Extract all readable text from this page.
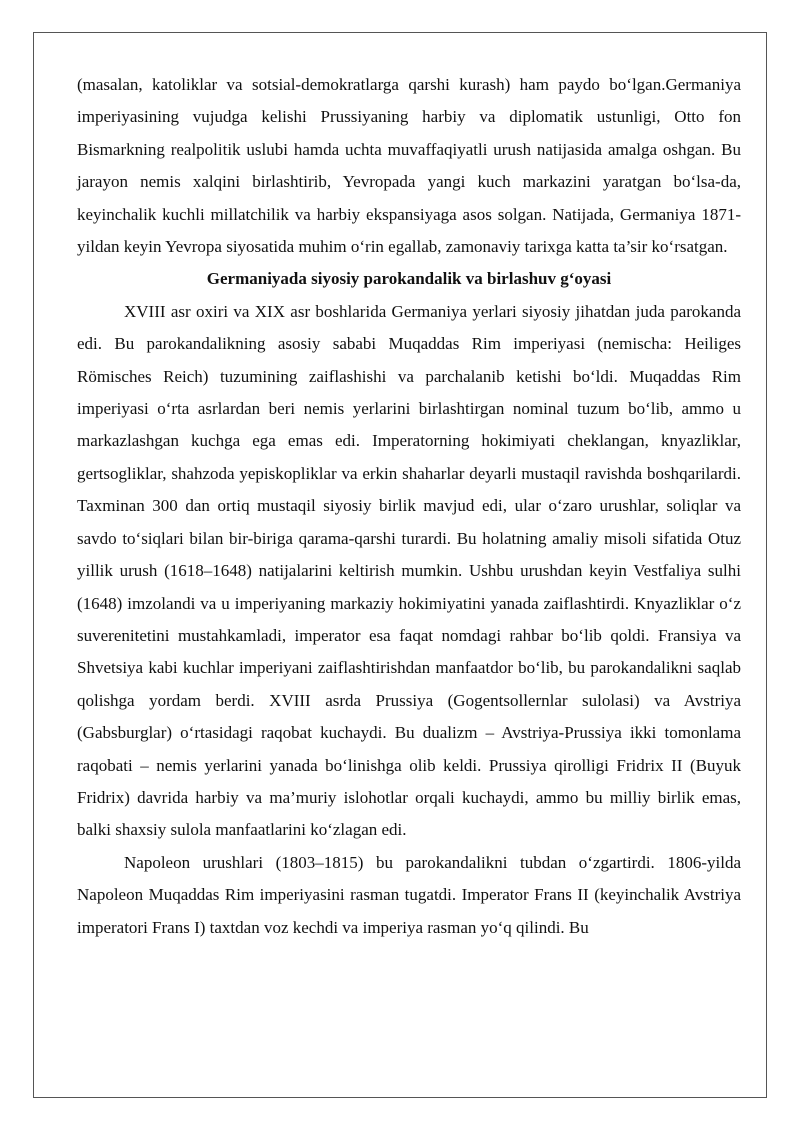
(masalan, katoliklar va sotsial-demokratlarga qarshi kurash) ham paydo bo‘lgan.Germaniya imperiyasining vujudga kelishi Prussiyaning harbiy va diplomatik ustunligi, Otto fon Bismarkning realpolitik uslubi hamda uchta muvaffaqiyatli urush natijasida amalga oshgan. Bu jarayon nemis xalqini birlashtirib, Yevropada yangi kuch markazini yaratgan bo‘lsa-da, keyinchalik kuchli millatchilik va harbiy ekspansiyaga asos solgan. Natijada, Germaniya 1871-yildan keyin Yevropa siyosatida muhim o‘rin egallab, zamonaviy tarixga katta ta’sir ko‘rsatgan.

Germaniyada siyosiy parokandalik va birlashuv g‘oyasi

XVIII asr oxiri va XIX asr boshlarida Germaniya yerlari siyosiy jihatdan juda parokanda edi. Bu parokandalikning asosiy sababi Muqaddas Rim imperiyasi (nemischa: Heiliges Römisches Reich) tuzumining zaiflashishi va parchalanib ketishi bo‘ldi. Muqaddas Rim imperiyasi o‘rta asrlardan beri nemis yerlarini birlashtirgan nominal tuzum bo‘lib, ammo u markazlashgan kuchga ega emas edi. Imperatorning hokimiyati cheklangan, knyazliklar, gertsogliklar, shahzoda yepiskopliklar va erkin shaharlar deyarli mustaqil ravishda boshqarilardi. Taxminan 300 dan ortiq mustaqil siyosiy birlik mavjud edi, ular o‘zaro urushlar, soliqlar va savdo to‘siqlari bilan bir-biriga qarama-qarshi turardi. Bu holatning amaliy misoli sifatida Otuz yillik urush (1618–1648) natijalarini keltirish mumkin. Ushbu urushdan keyin Vestfaliya sulhi (1648) imzolandi va u imperiyaning markaziy hokimiyatini yanada zaiflashtirdi. Knyazliklar o‘z suverenitetini mustahkamladi, imperator esa faqat nomdagi rahbar bo‘lib qoldi. Fransiya va Shvetsiya kabi kuchlar imperiyani zaiflashtirishdan manfaatdor bo‘lib, bu parokandalikni saqlab qolishga yordam berdi. XVIII asrda Prussiya (Gogentsollernlar sulolasi) va Avstriya (Gabsburglar) o‘rtasidagi raqobat kuchaydi. Bu dualizm – Avstriya-Prussiya ikki tomonlama raqobati – nemis yerlarini yanada bo‘linishga olib keldi. Prussiya qirolligi Fridrix II (Buyuk Fridrix) davrida harbiy va ma’muriy islohotlar orqali kuchaydi, ammo bu milliy birlik emas, balki shaxsiy sulola manfaatlarini ko‘zlagan edi.

Napoleon urushlari (1803–1815) bu parokandalikni tubdan o‘zgartirdi. 1806-yilda Napoleon Muqaddas Rim imperiyasini rasman tugatdi. Imperator Frans II (keyinchalik Avstriya imperatori Frans I) taxtdan voz kechdi va imperiya rasman yo‘q qilindi. Bu
